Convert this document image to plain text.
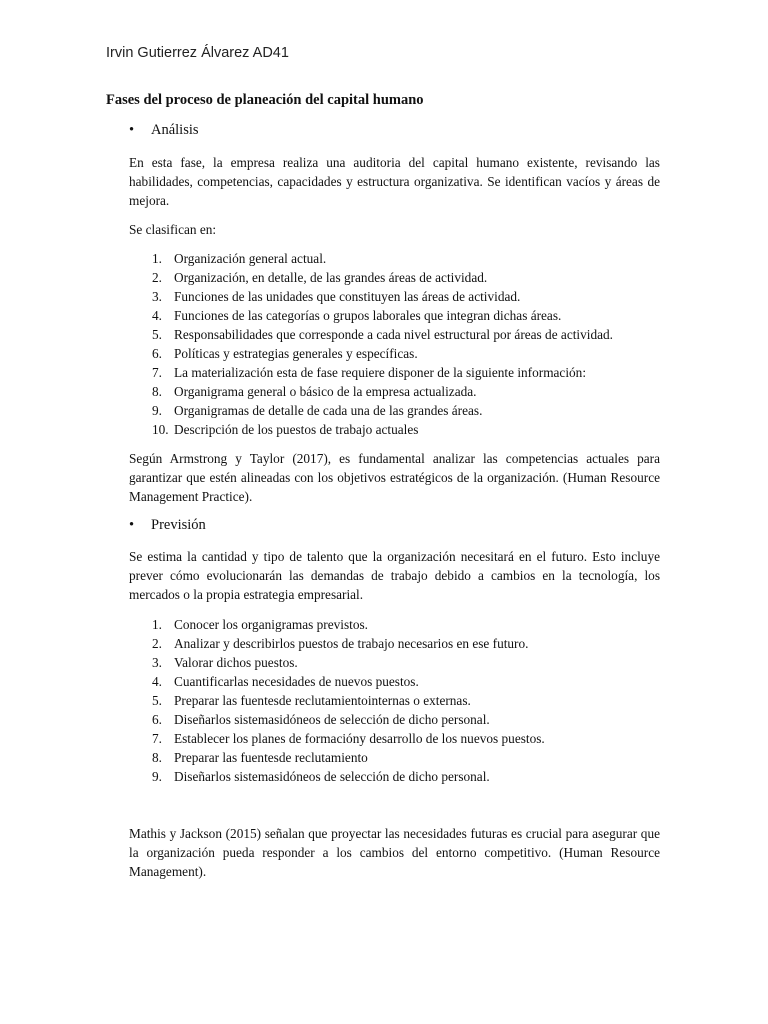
Irvin Gutierrez Álvarez AD41
Fases del proceso de planeación del capital humano
• Análisis
En esta fase, la empresa realiza una auditoria del capital humano existente, revisando las habilidades, competencias, capacidades y estructura organizativa. Se identifican vacíos y áreas de mejora.
Se clasifican en:
1. Organización general actual.
2. Organización, en detalle, de las grandes áreas de actividad.
3. Funciones de las unidades que constituyen las áreas de actividad.
4. Funciones de las categorías o grupos laborales que integran dichas áreas.
5. Responsabilidades que corresponde a cada nivel estructural por áreas de actividad.
6. Políticas y estrategias generales y específicas.
7. La materialización esta de fase requiere disponer de la siguiente información:
8. Organigrama general o básico de la empresa actualizada.
9. Organigramas de detalle de cada una de las grandes áreas.
10. Descripción de los puestos de trabajo actuales
Según Armstrong y Taylor (2017), es fundamental analizar las competencias actuales para garantizar que estén alineadas con los objetivos estratégicos de la organización. (Human Resource Management Practice).
• Previsión
Se estima la cantidad y tipo de talento que la organización necesitará en el futuro. Esto incluye prever cómo evolucionarán las demandas de trabajo debido a cambios en la tecnología, los mercados o la propia estrategia empresarial.
1. Conocer los organigramas previstos.
2. Analizar y describirlos puestos de trabajo necesarios en ese futuro.
3. Valorar dichos puestos.
4. Cuantificarlas necesidades de nuevos puestos.
5. Preparar las fuentesde reclutamientointernas o externas.
6. Diseñarlos sistemasidóneos de selección de dicho personal.
7. Establecer los planes de formacióny desarrollo de los nuevos puestos.
8. Preparar las fuentesde reclutamiento
9. Diseñarlos sistemasidóneos de selección de dicho personal.
Mathis y Jackson (2015) señalan que proyectar las necesidades futuras es crucial para asegurar que la organización pueda responder a los cambios del entorno competitivo. (Human Resource Management).
